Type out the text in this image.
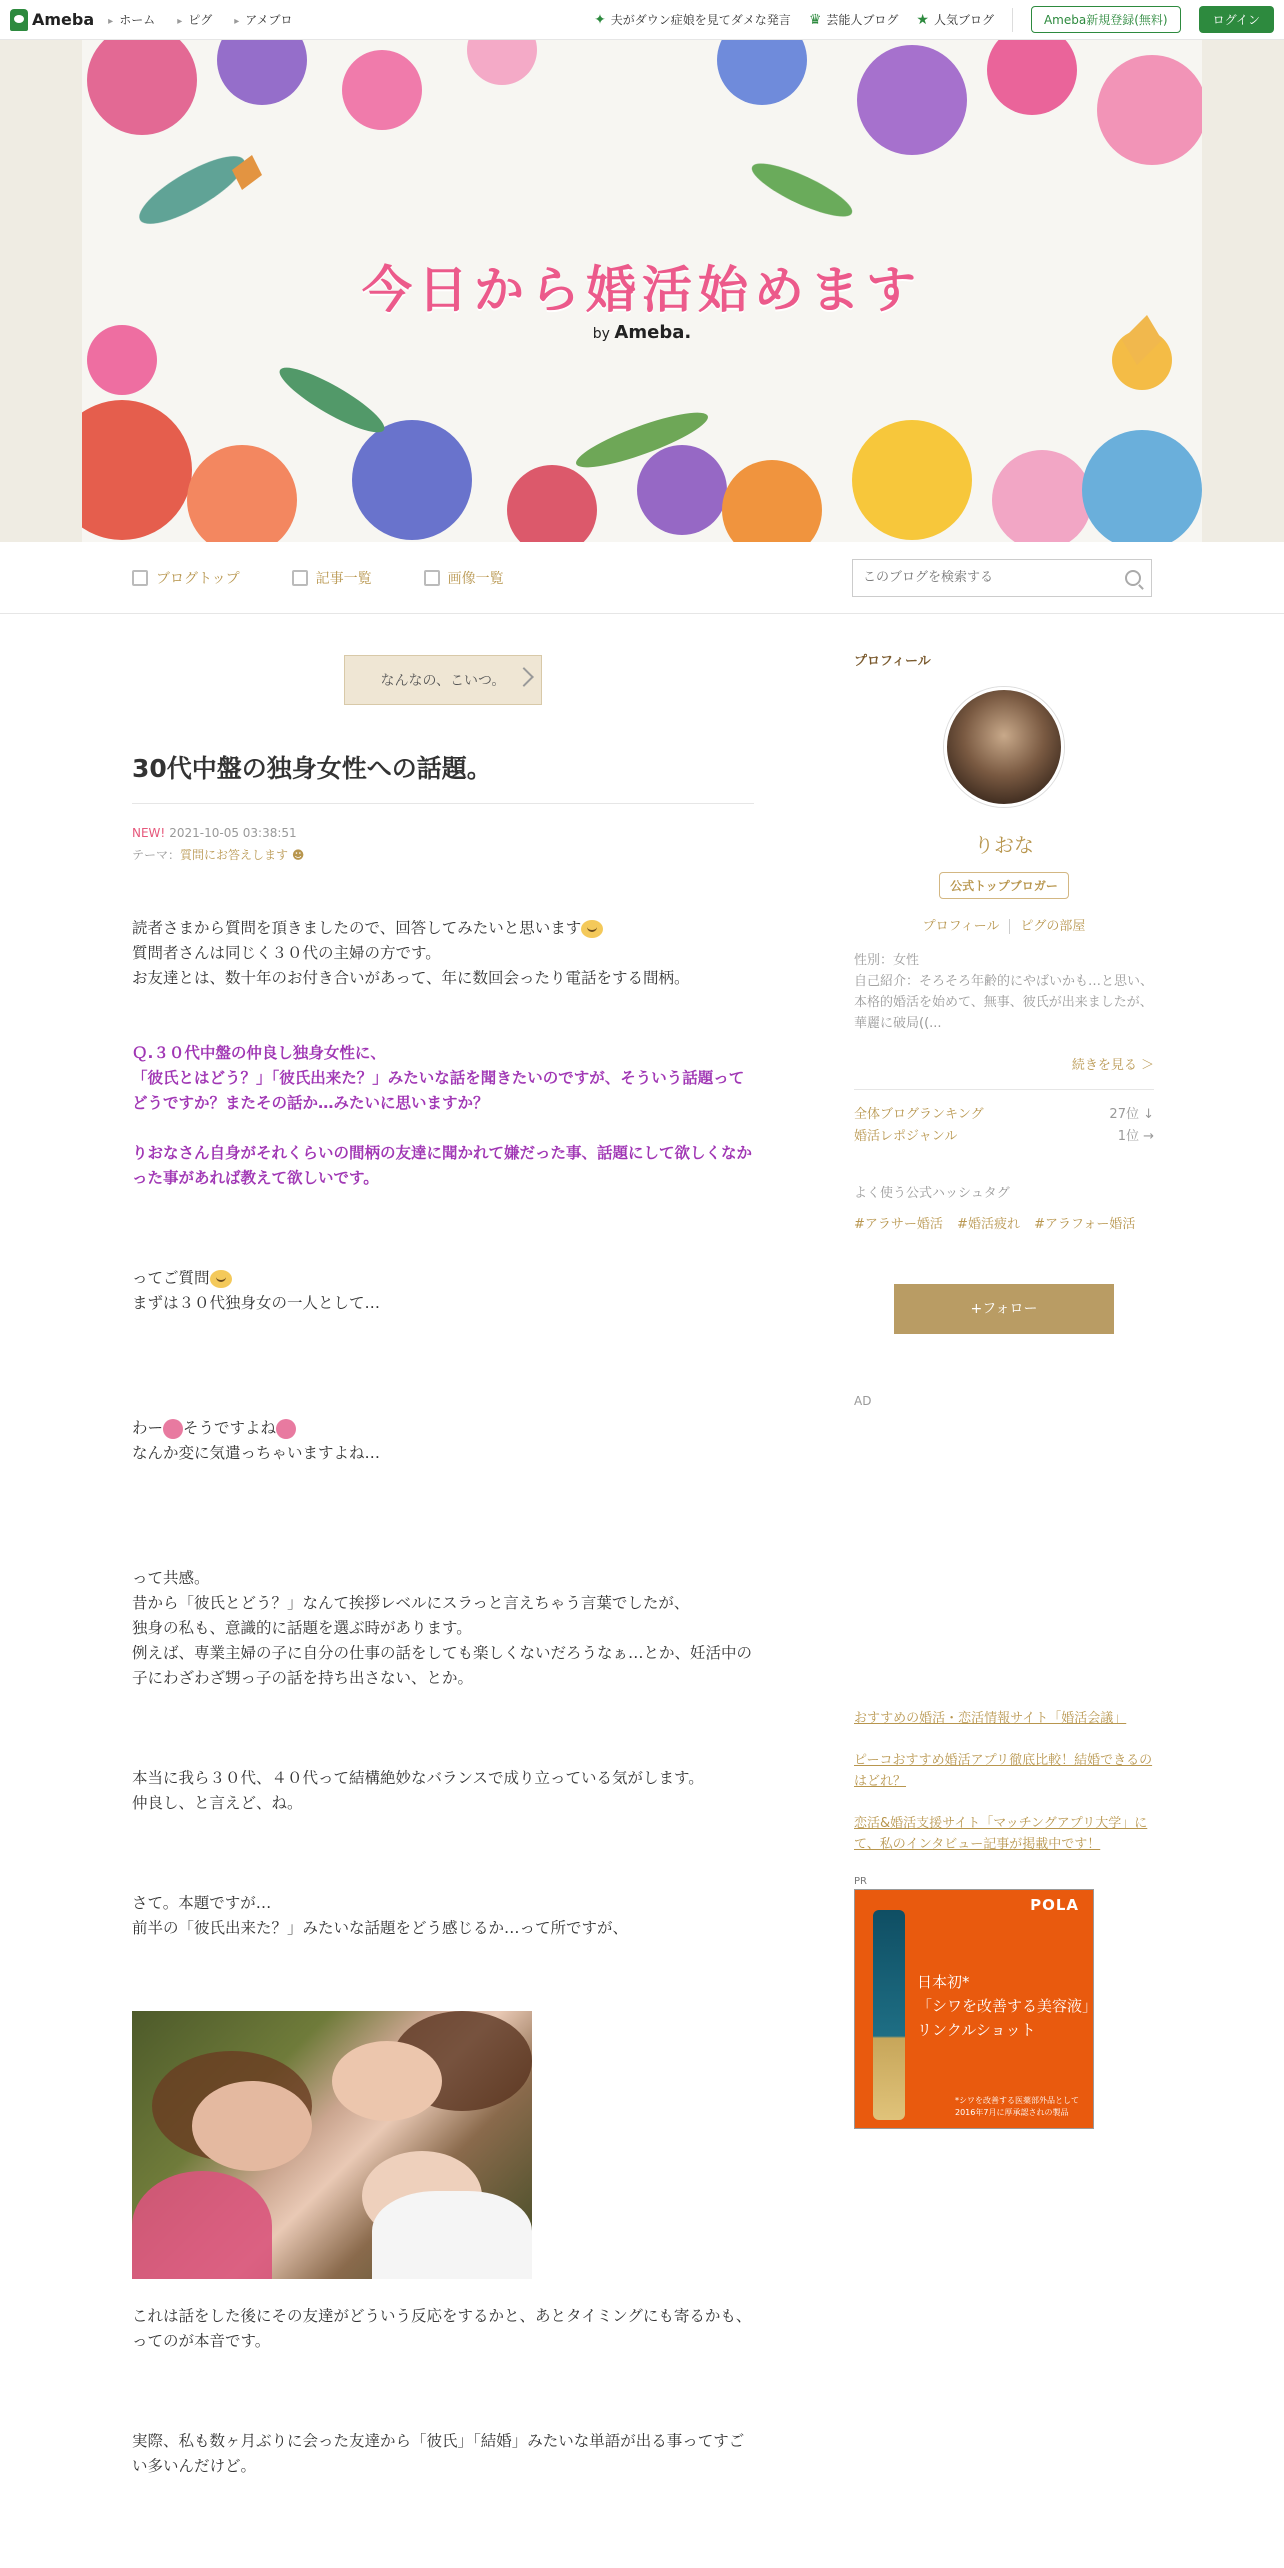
Ameba	▸ ホーム	▸ ピグ	▸ アメブロ	✦ 夫がダウン症娘を見てダメな発言 ♛ 芸能人ブログ ★ 人気ブログ	Ameba新規登録(無料)	ログイン
今日から婚活始めます
by Ameba.
ブログトップ	記事一覧	画像一覧
このブログを検索する
なんなの、こいつ。
30代中盤の独身女性への話題。
NEW! 2021-10-05 03:38:51
テーマ：質問にお答えします ☻

読者さまから質問を頂きましたので、回答してみたいと思います

質問者さんは同じく３０代の主婦の方です。

お友達とは、数十年のお付き合いがあって、年に数回会ったり電話をする間柄。

Ｑ.３０代中盤の仲良し独身女性に、

「彼氏とはどう？」「彼氏出来た？」みたいな話を聞きたいのですが、そういう話題ってどうですか？またその話か…みたいに思いますか？

りおなさん自身がそれくらいの間柄の友達に聞かれて嫌だった事、話題にして欲しくなかった事があれば教えて欲しいです。

ってご質問

まずは３０代独身女の一人として…

わー そうですよね

なんか変に気遣っちゃいますよね…

って共感。

昔から「彼氏とどう？」なんて挨拶レベルにスラっと言えちゃう言葉でしたが、

独身の私も、意識的に話題を選ぶ時があります。

例えば、専業主婦の子に自分の仕事の話をしても楽しくないだろうなぁ…とか、妊活中の子にわざわざ甥っ子の話を持ち出さない、とか。

本当に我ら３０代、４０代って結構絶妙なバランスで成り立っている気がします。

仲良し、と言えど、ね。

さて。本題ですが…

前半の「彼氏出来た？」みたいな話題をどう感じるか…って所ですが、

これは話をした後にその友達がどういう反応をするかと、あとタイミングにも寄るかも、ってのが本音です。

実際、私も数ヶ月ぶりに会った友達から「彼氏」「結婚」みたいな単語が出る事ってすごい多いんだけど。

プロフィール
りおな
公式トップブロガー
プロフィール ピグの部屋
性別：女性
自己紹介：そろそろ年齢的にやばいかも…と思い、本格的婚活を始めて、無事、彼氏が出来ましたが、華麗に破局((...
続きを見る ＞
全体ブログランキング	27位 ↓
婚活レポジャンル	1位 →
よく使う公式ハッシュタグ
#アラサー婚活 #婚活疲れ #アラフォー婚活
+フォロー
AD
おすすめの婚活・恋活情報サイト「婚活会議」
ピーコおすすめ婚活アプリ徹底比較！結婚できるのはどれ？
恋活&婚活支援サイト「マッチングアプリ大学」にて、私のインタビュー記事が掲載中です！
PR
POLA
日本初*
「シワを改善する美容液」
リンクルショット
*シワを改善する医薬部外品として
2016年7月に厚承認されの製品
